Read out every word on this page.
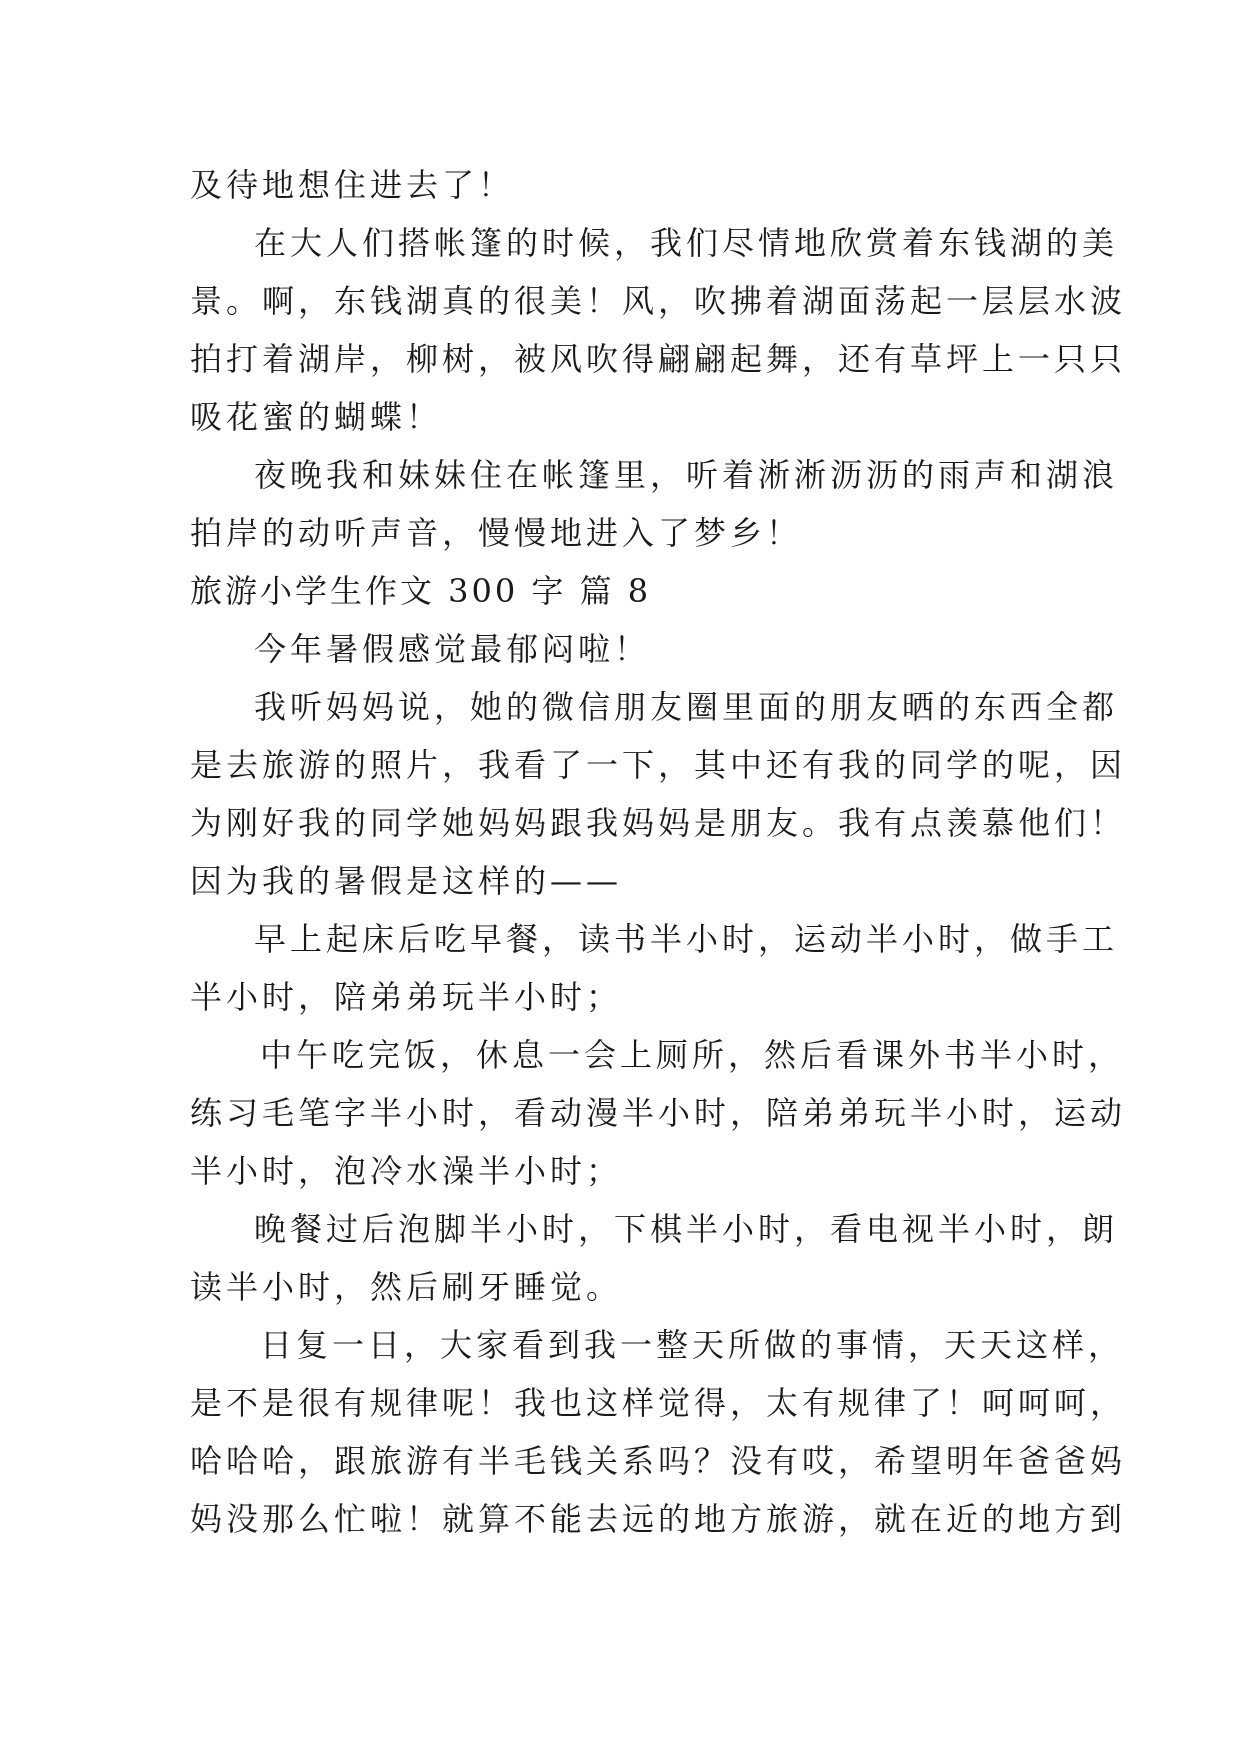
及待地想住进去了！
在大人们搭帐篷的时候，我们尽情地欣赏着东钱湖的美
景。啊，东钱湖真的很美！风，吹拂着湖面荡起一层层水波
拍打着湖岸，柳树，被风吹得翩翩起舞，还有草坪上一只只
吸花蜜的蝴蝶！
夜晚我和妹妹住在帐篷里，听着淅淅沥沥的雨声和湖浪
拍岸的动听声音，慢慢地进入了梦乡！
旅游小学生作文 300 字 篇 8
今年暑假感觉最郁闷啦！
我听妈妈说，她的微信朋友圈里面的朋友晒的东西全都
是去旅游的照片，我看了一下，其中还有我的同学的呢，因
为刚好我的同学她妈妈跟我妈妈是朋友。我有点羡慕他们！
因为我的暑假是这样的——
早上起床后吃早餐，读书半小时，运动半小时，做手工
半小时，陪弟弟玩半小时；
中午吃完饭，休息一会上厕所，然后看课外书半小时，
练习毛笔字半小时，看动漫半小时，陪弟弟玩半小时，运动
半小时，泡冷水澡半小时；
晚餐过后泡脚半小时，下棋半小时，看电视半小时，朗
读半小时，然后刷牙睡觉。
日复一日，大家看到我一整天所做的事情，天天这样，
是不是很有规律呢！我也这样觉得，太有规律了！呵呵呵，
哈哈哈，跟旅游有半毛钱关系吗？没有哎，希望明年爸爸妈
妈没那么忙啦！就算不能去远的地方旅游，就在近的地方到
